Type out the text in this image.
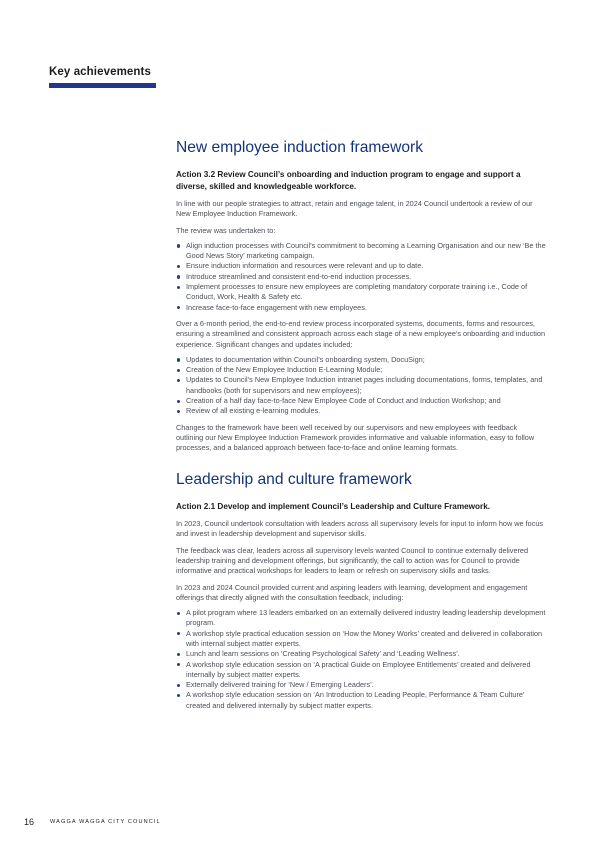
Key achievements
New employee induction framework
Action 3.2 Review Council’s onboarding and induction program to engage and support a diverse, skilled and knowledgeable workforce.

In line with our people strategies to attract, retain and engage talent, in 2024 Council undertook a review of our New Employee Induction Framework.

The review was undertaken to:

Align induction processes with Council’s commitment to becoming a Learning Organisation and our new ‘Be the Good News Story’ marketing campaign.
Ensure induction information and resources were relevant and up to date.
Introduce streamlined and consistent end-to-end induction processes.
Implement processes to ensure new employees are completing mandatory corporate training i.e., Code of Conduct, Work, Health & Safety etc.
Increase face-to-face engagement with new employees.

Over a 6-month period, the end-to-end review process incorporated systems, documents, forms and resources, ensuring a streamlined and consistent approach across each stage of a new employee’s onboarding and induction experience. Significant changes and updates included:

Updates to documentation within Council’s onboarding system, DocuSign;
Creation of the New Employee Induction E-Learning Module;
Updates to Council’s New Employee Induction intranet pages including documentations, forms, templates, and handbooks (both for supervisors and new employees);
Creation of a half day face-to-face New Employee Code of Conduct and Induction Workshop; and
Review of all existing e-learning modules.

Changes to the framework have been well received by our supervisors and new employees with feedback outlining our New Employee Induction Framework provides informative and valuable information, easy to follow processes, and a balanced approach between face-to-face and online learning formats.

Leadership and culture framework
Action 2.1 Develop and implement Council’s Leadership and Culture Framework.

In 2023, Council undertook consultation with leaders across all supervisory levels for input to inform how we focus and invest in leadership development and supervisor skills.

The feedback was clear, leaders across all supervisory levels wanted Council to continue externally delivered leadership training and development offerings, but significantly, the call to action was for Council to provide informative and practical workshops for leaders to learn or refresh on supervisory skills and tasks.

In 2023 and 2024 Council provided current and aspiring leaders with learning, development and engagement offerings that directly aligned with the consultation feedback, including:

A pilot program where 13 leaders embarked on an externally delivered industry leading leadership development program.
A workshop style practical education session on ‘How the Money Works’ created and delivered in collaboration with internal subject matter experts.
Lunch and learn sessions on ‘Creating Psychological Safety’ and ‘Leading Wellness’.
A workshop style education session on ‘A practical Guide on Employee Entitlements’ created and delivered internally by subject matter experts.
Externally delivered training for ‘New / Emerging Leaders’.
A workshop style education session on ‘An Introduction to Leading People, Performance & Team Culture’ created and delivered internally by subject matter experts.
16	WAGGA WAGGA CITY COUNCIL
